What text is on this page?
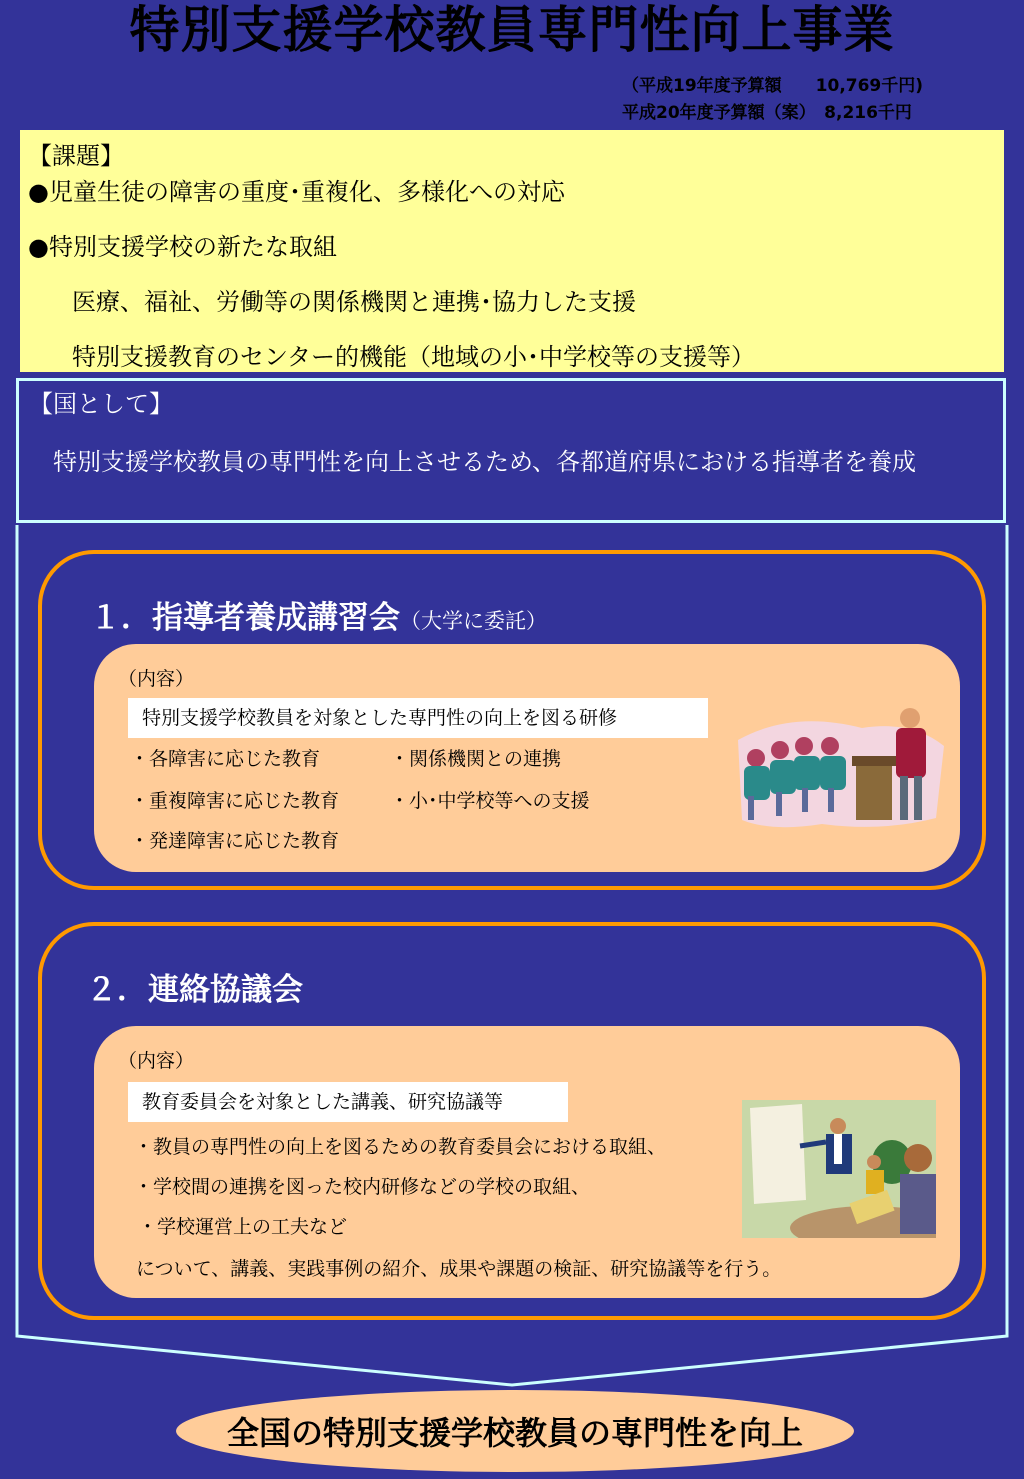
特別支援学校教員専門性向上事業
（平成19年度予算額　　10,769千円)
平成20年度予算額（案）　8,216千円
【課題】
●児童生徒の障害の重度･重複化、多様化への対応
●特別支援学校の新たな取組
医療、福祉、労働等の関係機関と連携･協力した支援
特別支援教育のセンター的機能（地域の小･中学校等の支援等）
【国として】
　特別支援学校教員の専門性を向上させるため、各都道府県における指導者を養成
１．指導者養成講習会（大学に委託）
（内容）
特別支援学校教員を対象とした専門性の向上を図る研修
・各障害に応じた教育
・重複障害に応じた教育
・発達障害に応じた教育
・関係機関との連携
・小･中学校等への支援
２．連絡協議会
（内容）
教育委員会を対象とした講義、研究協議等
・教員の専門性の向上を図るための教育委員会における取組、
・学校間の連携を図った校内研修などの学校の取組、
・学校運営上の工夫など
について、講義、実践事例の紹介、成果や課題の検証、研究協議等を行う。
全国の特別支援学校教員の専門性を向上
